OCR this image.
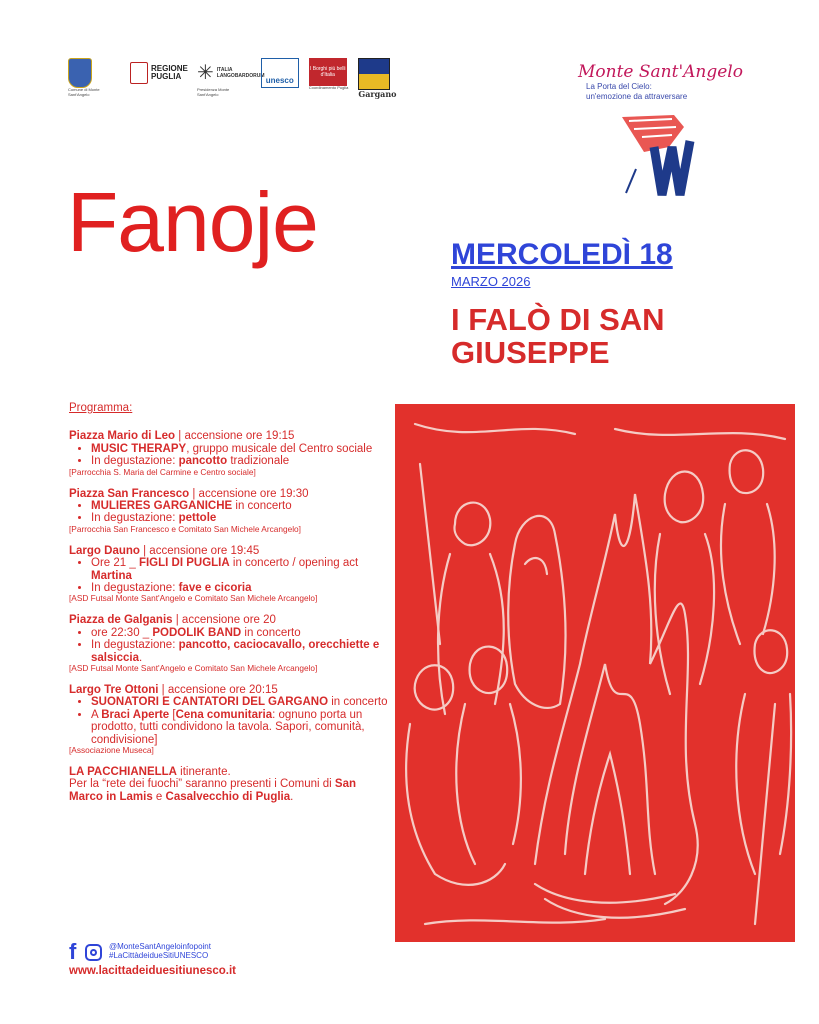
Comune di Monte Sant'Angelo
REGIONE PUGLIA ✳ ITALIA LANGOBARDORUM
Presidenza Monte Sant'Angelo
unesco
I Borghi più belli d'Italia
Coordinamento Puglia
Gargano
Monte Sant'Angelo
La Porta del Cielo:
un'emozione da attraversare
Fanoje	MERCOLEDÌ 18
MARZO 2026
I FALÒ DI SAN GIUSEPPE
Programma:
Piazza Mario di Leo | accensione ore 19:15
• MUSIC THERAPY, gruppo musicale del Centro sociale
• In degustazione: pancotto tradizionale
[Parrocchia S. Maria del Carmine e Centro sociale]
Piazza San Francesco | accensione ore 19:30
• MULIERES GARGANICHE in concerto
• In degustazione: pettole
[Parrocchia San Francesco e Comitato San Michele Arcangelo]
Largo Dauno | accensione ore 19:45
• Ore 21 _ FIGLI DI PUGLIA in concerto / opening act Martina
• In degustazione: fave e cicoria
[ASD Futsal Monte Sant'Angelo e Comitato San Michele Arcangelo]
Piazza de Galganis | accensione ore 20
• ore 22:30 _ PODOLIK BAND in concerto
• In degustazione: pancotto, caciocavallo, orecchiette e salsiccia.
[ASD Futsal Monte Sant'Angelo e Comitato San Michele Arcangelo]
Largo Tre Ottoni | accensione ore 20:15
• SUONATORI E CANTATORI DEL GARGANO in concerto
• A Braci Aperte [Cena comunitaria: ognuno porta un prodotto, tutti condividono la tavola. Sapori, comunità, condivisione]
[Associazione Museca]
LA PACCHIANELLA itinerante.
Per la “rete dei fuochi” saranno presenti i Comuni di San Marco in Lamis e Casalvecchio di Puglia.
f	@MonteSantAngeloinfopoint
#LaCittàdeidueSitiUNESCO
www.lacittadeiduesitiunesco.it
